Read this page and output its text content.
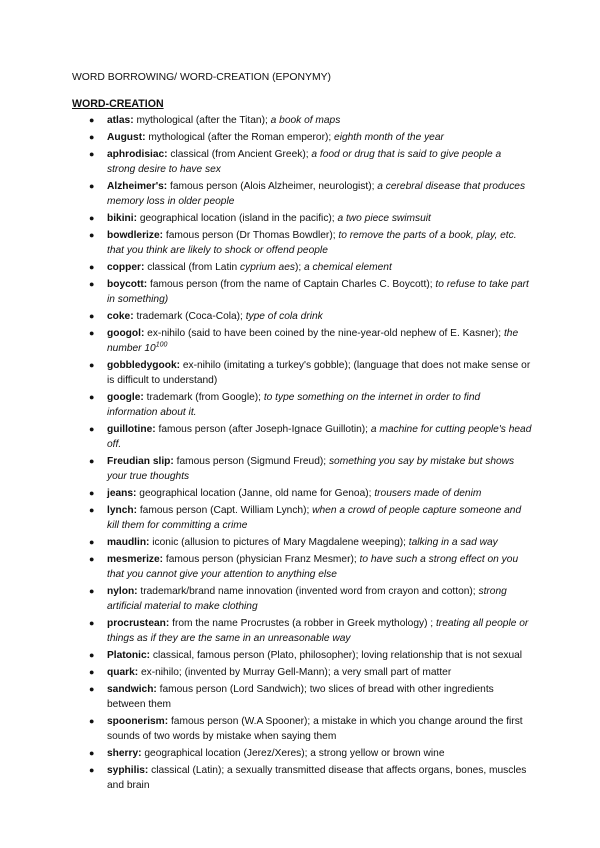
WORD BORROWING/ WORD-CREATION (EPONYMY)

WORD-CREATION

● atlas: mythological (after the Titan); a book of maps
● August: mythological (after the Roman emperor); eighth month of the year
● aphrodisiac: classical (from Ancient Greek); a food or drug that is said to give people a strong desire to have sex
● Alzheimer's: famous person (Alois Alzheimer, neurologist); a cerebral disease that produces memory loss in older people
● bikini: geographical location (island in the pacific); a two piece swimsuit
● bowdlerize: famous person (Dr Thomas Bowdler); to remove the parts of a book, play, etc. that you think are likely to shock or offend people
● copper: classical (from Latin cyprium aes); a chemical element
● boycott: famous person (from the name of Captain Charles C. Boycott); to refuse to take part in something)
● coke: trademark (Coca-Cola); type of cola drink
● googol: ex-nihilo (said to have been coined by the nine-year-old nephew of E. Kasner); the number $10^{100}$
● gobbledygook: ex-nihilo (imitating a turkey's gobble); (language that does not make sense or is difficult to understand)
● google: trademark (from Google); to type something on the internet in order to find information about it.
● guillotine: famous person (after Joseph-Ignace Guillotin); a machine for cutting people's head off.
● Freudian slip: famous person (Sigmund Freud); something you say by mistake but shows your true thoughts
● jeans: geographical location (Janne, old name for Genoa); trousers made of denim
● lynch: famous person (Capt. William Lynch); when a crowd of people capture someone and kill them for committing a crime
● maudlin: iconic (allusion to pictures of Mary Magdalene weeping); talking in a sad way
● mesmerize: famous person (physician Franz Mesmer); to have such a strong effect on you that you cannot give your attention to anything else
● nylon: trademark/brand name innovation (invented word from crayon and cotton); strong artificial material to make clothing
● procrustean: from the name Procrustes (a robber in Greek mythology) ; treating all people or things as if they are the same in an unreasonable way
● Platonic: classical, famous person (Plato, philosopher); loving relationship that is not sexual
● quark: ex-nihilo; (invented by Murray Gell-Mann); a very small part of matter
● sandwich: famous person (Lord Sandwich); two slices of bread with other ingredients between them
● spoonerism: famous person (W.A Spooner); a mistake in which you change around the first sounds of two words by mistake when saying them
● sherry: geographical location (Jerez/Xeres); a strong yellow or brown wine
● syphilis: classical (Latin); a sexually transmitted disease that affects organs, bones, muscles and brain
